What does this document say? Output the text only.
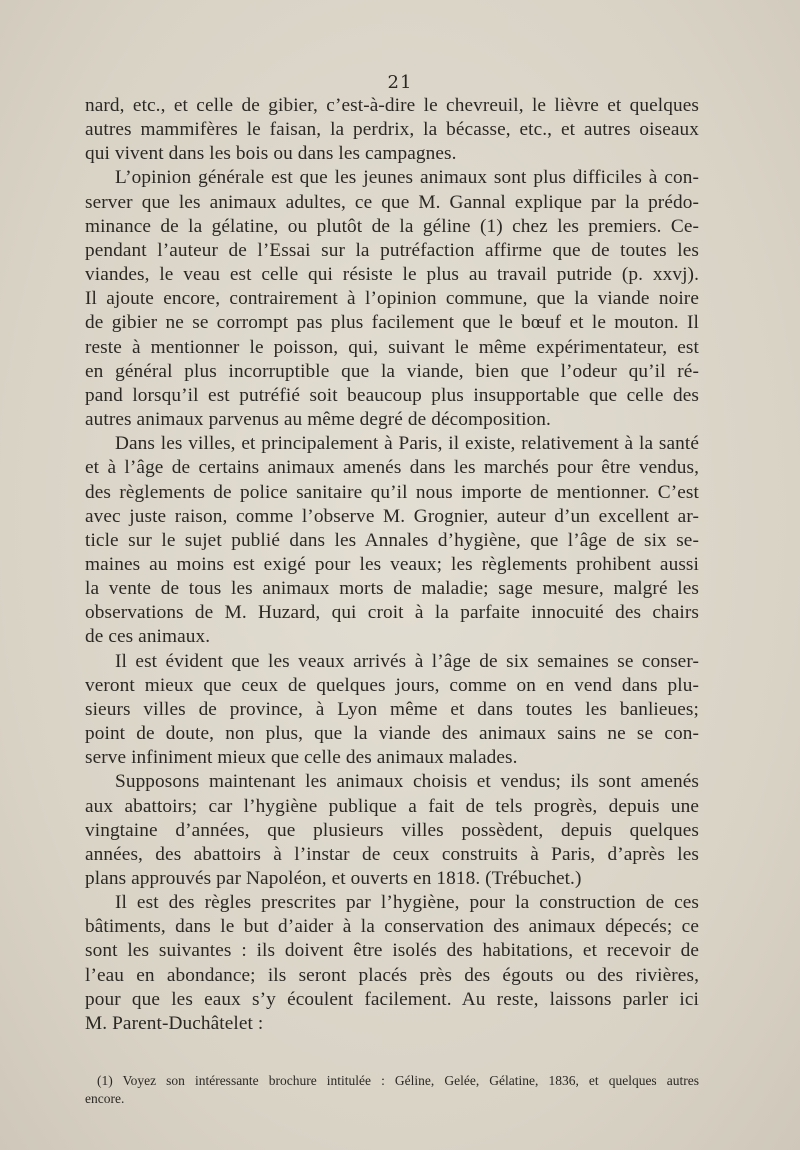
21
nard, etc., et celle de gibier, c’est-à-dire le chevreuil, le lièvre et quelques
autres mammifères le faisan, la perdrix, la bécasse, etc., et autres oiseaux
qui vivent dans les bois ou dans les campagnes.
L’opinion générale est que les jeunes animaux sont plus difficiles à con-
server que les animaux adultes, ce que M. Gannal explique par la prédo-
minance de la gélatine, ou plutôt de la géline (1) chez les premiers. Ce-
pendant l’auteur de l’Essai sur la putréfaction affirme que de toutes les
viandes, le veau est celle qui résiste le plus au travail putride (p. xxvj).
Il ajoute encore, contrairement à l’opinion commune, que la viande noire
de gibier ne se corrompt pas plus facilement que le bœuf et le mouton. Il
reste à mentionner le poisson, qui, suivant le même expérimentateur, est
en général plus incorruptible que la viande, bien que l’odeur qu’il ré-
pand lorsqu’il est putréfié soit beaucoup plus insupportable que celle des
autres animaux parvenus au même degré de décomposition.
Dans les villes, et principalement à Paris, il existe, relativement à la santé
et à l’âge de certains animaux amenés dans les marchés pour être vendus,
des règlements de police sanitaire qu’il nous importe de mentionner. C’est
avec juste raison, comme l’observe M. Grognier, auteur d’un excellent ar-
ticle sur le sujet publié dans les Annales d’hygiène, que l’âge de six se-
maines au moins est exigé pour les veaux; les règlements prohibent aussi
la vente de tous les animaux morts de maladie; sage mesure, malgré les
observations de M. Huzard, qui croit à la parfaite innocuité des chairs
de ces animaux.
Il est évident que les veaux arrivés à l’âge de six semaines se conser-
veront mieux que ceux de quelques jours, comme on en vend dans plu-
sieurs villes de province, à Lyon même et dans toutes les banlieues;
point de doute, non plus, que la viande des animaux sains ne se con-
serve infiniment mieux que celle des animaux malades.
Supposons maintenant les animaux choisis et vendus; ils sont amenés
aux abattoirs; car l’hygiène publique a fait de tels progrès, depuis une
vingtaine d’années, que plusieurs villes possèdent, depuis quelques
années, des abattoirs à l’instar de ceux construits à Paris, d’après les
plans approuvés par Napoléon, et ouverts en 1818. (Trébuchet.)
Il est des règles prescrites par l’hygiène, pour la construction de ces
bâtiments, dans le but d’aider à la conservation des animaux dépecés; ce
sont les suivantes : ils doivent être isolés des habitations, et recevoir de
l’eau en abondance; ils seront placés près des égouts ou des rivières,
pour que les eaux s’y écoulent facilement. Au reste, laissons parler ici
M. Parent-Duchâtelet :
(1) Voyez son intéressante brochure intitulée : Géline, Gelée, Gélatine, 1836, et quelques autres
encore.
